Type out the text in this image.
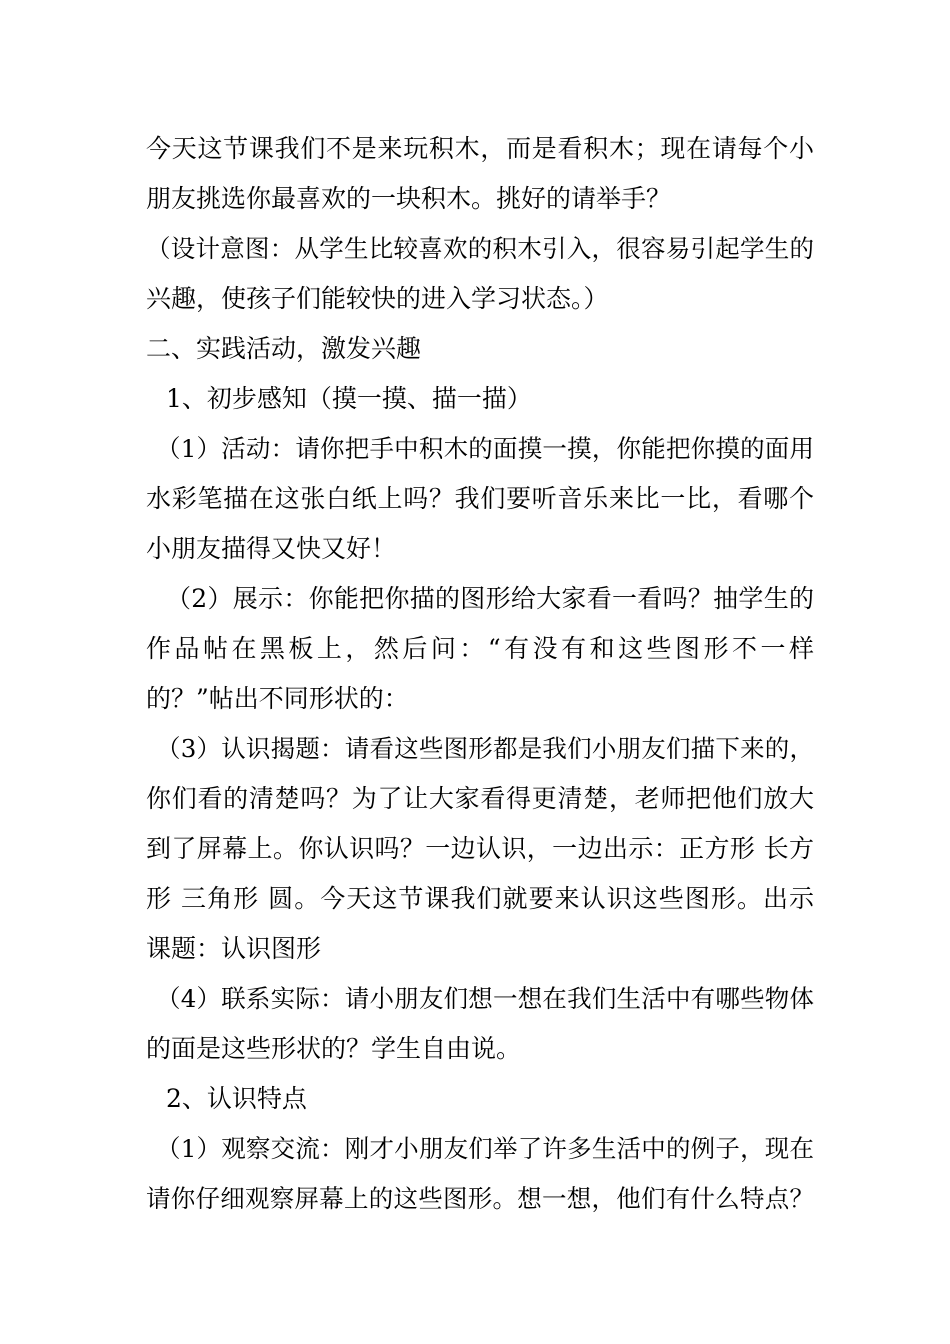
今天这节课我们不是来玩积木，而是看积木；现在请每个小
朋友挑选你最喜欢的一块积木。挑好的请举手？
（设计意图：从学生比较喜欢的积木引入，很容易引起学生的
兴趣，使孩子们能较快的进入学习状态。）
二、实践活动，激发兴趣
1、初步感知（摸一摸、描一描）
（1）活动：请你把手中积木的面摸一摸，你能把你摸的面用
水彩笔描在这张白纸上吗？我们要听音乐来比一比，看哪个
小朋友描得又快又好！
（2）展示：你能把你描的图形给大家看一看吗？抽学生的
作品帖在黑板上，然后问：“有没有和这些图形不一样
的？”帖出不同形状的：
（3）认识揭题：请看这些图形都是我们小朋友们描下来的，
你们看的清楚吗？为了让大家看得更清楚，老师把他们放大
到了屏幕上。你认识吗？一边认识，一边出示：正方形 长方
形 三角形 圆。今天这节课我们就要来认识这些图形。出示
课题：认识图形
（4）联系实际：请小朋友们想一想在我们生活中有哪些物体
的面是这些形状的？学生自由说。
2、认识特点
（1）观察交流：刚才小朋友们举了许多生活中的例子，现在
请你仔细观察屏幕上的这些图形。想一想，他们有什么特点？
